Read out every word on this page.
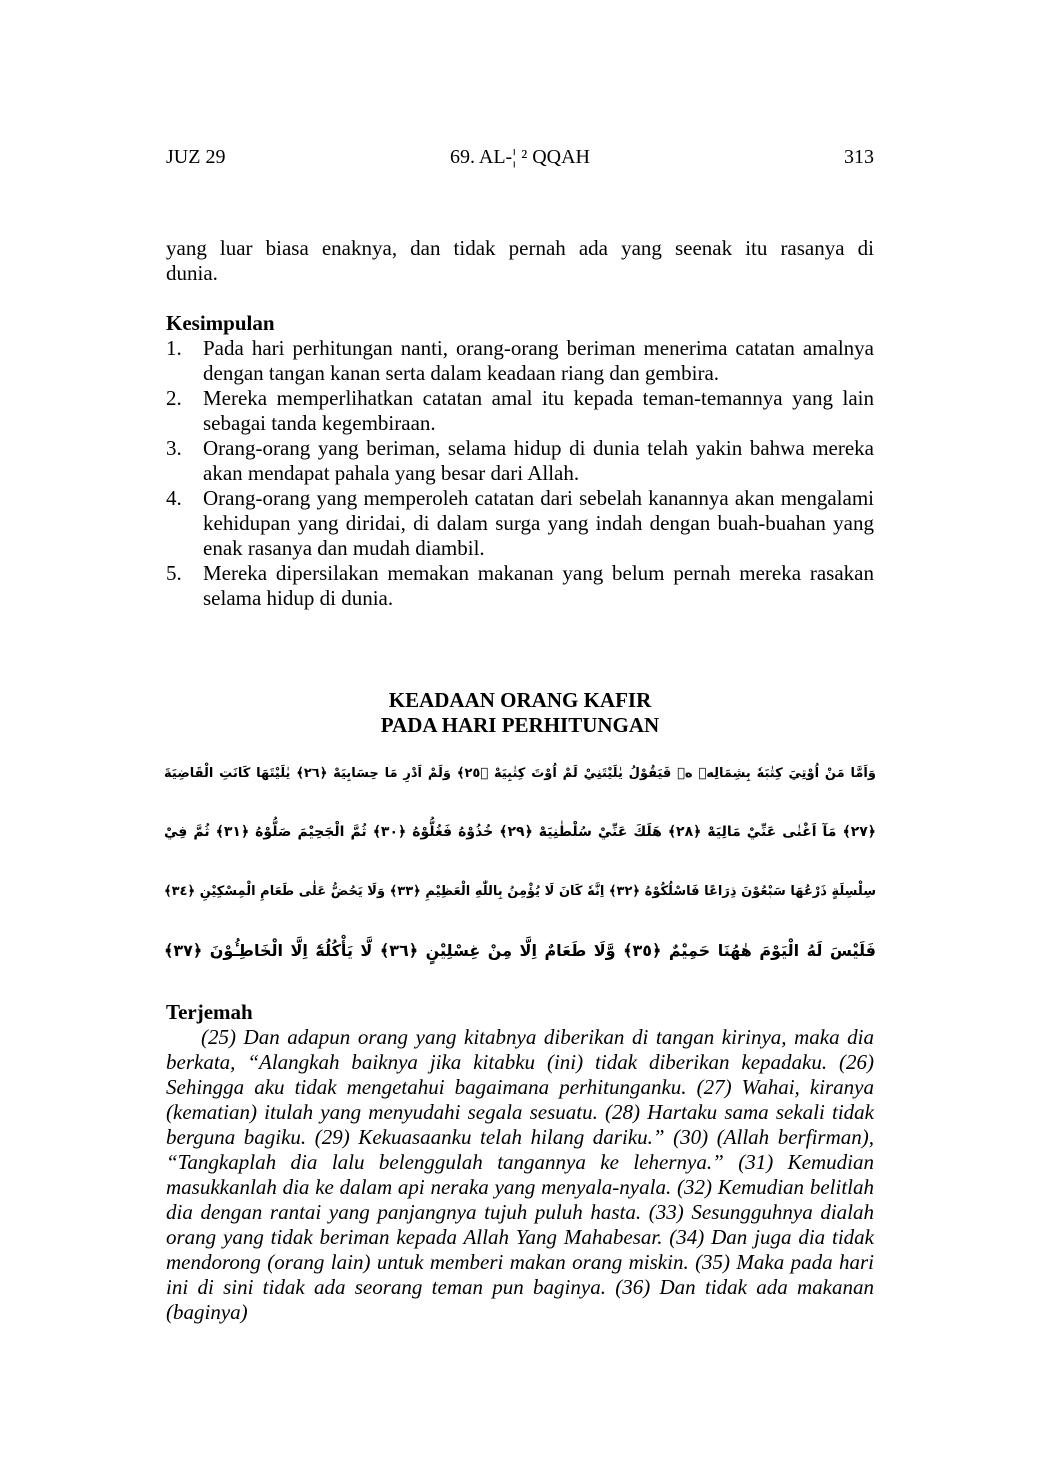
JUZ 29	69. AL-¦ ² QQAH	313
yang luar biasa enaknya, dan tidak pernah ada yang seenak itu rasanya di
dunia.
Kesimpulan
1. Pada hari perhitungan nanti, orang-orang beriman menerima catatan amalnya dengan tangan kanan serta dalam keadaan riang dan gembira.
2. Mereka memperlihatkan catatan amal itu kepada teman-temannya yang lain sebagai tanda kegembiraan.
3. Orang-orang yang beriman, selama hidup di dunia telah yakin bahwa mereka akan mendapat pahala yang besar dari Allah.
4. Orang-orang yang memperoleh catatan dari sebelah kanannya akan mengalami kehidupan yang diridai, di dalam surga yang indah dengan buah-buahan yang enak rasanya dan mudah diambil.
5. Mereka dipersilakan memakan makanan yang belum pernah mereka rasakan selama hidup di dunia.
KEADAAN ORANG KAFIR
PADA HARI PERHITUNGAN
وَاَمَّا مَنْ اُوْتِيَ كِتٰبَهٗ بِشِمَالِهٖ ەۙ فَيَقُوْلُ يٰلَيْتَنِيْ لَمْ اُوْتَ كِتٰبِيَهْ ﴿٢٥﴾ وَلَمْ اَدْرِ مَا حِسَابِيَهْ ﴿٢٦﴾ يٰلَيْتَهَا كَانَتِ الْقَاضِيَةَ
﴿٢٧﴾ مَآ اَغْنٰى عَنِّيْ مَالِيَهْ ﴿٢٨﴾ هَلَكَ عَنِّيْ سُلْطٰنِيَهْ ﴿٢٩﴾ خُذُوْهُ فَغُلُّوْهُ ﴿٣٠﴾ ثُمَّ الْجَحِيْمَ صَلُّوْهُ ﴿٣١﴾ ثُمَّ فِيْ
سِلْسِلَةٍ ذَرْعُهَا سَبْعُوْنَ ذِرَاعًا فَاسْلُكُوْهُ ﴿٣٢﴾ اِنَّهٗ كَانَ لَا يُؤْمِنُ بِاللّٰهِ الْعَظِيْمِ ﴿٣٣﴾ وَلَا يَحُضُّ عَلٰى طَعَامِ الْمِسْكِيْنِ ﴿٣٤﴾
فَلَيْسَ لَهُ الْيَوْمَ هٰهُنَا حَمِيْمٌ ﴿٣٥﴾ وَّلَا طَعَامٌ اِلَّا مِنْ غِسْلِيْنٍ ﴿٣٦﴾ لَّا يَأْكُلُهٗٓ اِلَّا الْخَاطِـُٔوْنَ ﴿٣٧﴾
Terjemah
(25) Dan adapun orang yang kitabnya diberikan di tangan kirinya, maka dia berkata, “Alangkah baiknya jika kitabku (ini) tidak diberikan kepadaku. (26) Sehingga aku tidak mengetahui bagaimana perhitunganku. (27) Wahai, kiranya (kematian) itulah yang menyudahi segala sesuatu. (28) Hartaku sama sekali tidak berguna bagiku. (29) Kekuasaanku telah hilang dariku.” (30) (Allah berfirman), “Tangkaplah dia lalu belenggulah tangannya ke lehernya.” (31) Kemudian masukkanlah dia ke dalam api neraka yang menyala-nyala. (32) Kemudian belitlah dia dengan rantai yang panjangnya tujuh puluh hasta. (33) Sesungguhnya dialah orang yang tidak beriman kepada Allah Yang Mahabesar. (34) Dan juga dia tidak mendorong (orang lain) untuk memberi makan orang miskin. (35) Maka pada hari ini di sini tidak ada seorang teman pun baginya. (36) Dan tidak ada makanan (baginya)
